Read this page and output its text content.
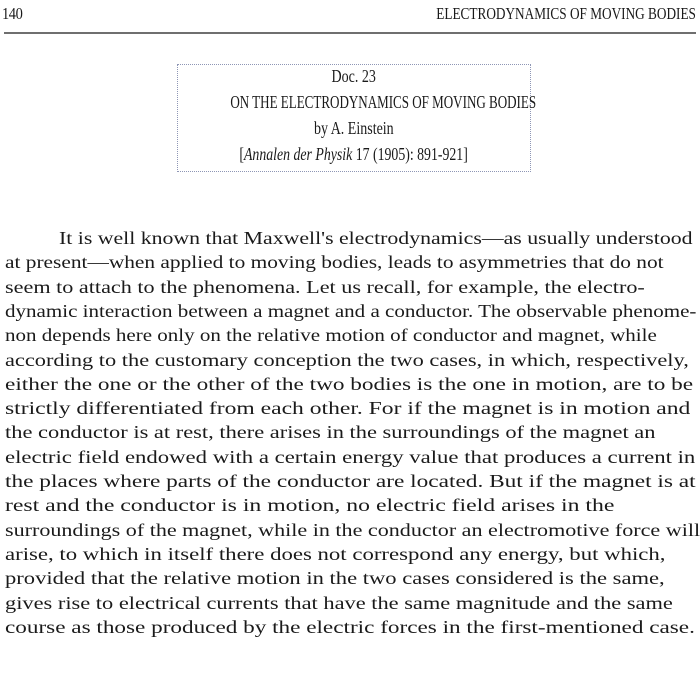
140	ELECTRODYNAMICS OF MOVING BODIES
Doc. 23
ON THE ELECTRODYNAMICS OF MOVING BODIES
by A. Einstein
[Annalen der Physik 17 (1905): 891-921]
It is well known that Maxwell's electrodynamics—as usually understood
at present—when applied to moving bodies, leads to asymmetries that do not
seem to attach to the phenomena. Let us recall, for example, the electro-
dynamic interaction between a magnet and a conductor. The observable phenome-
non depends here only on the relative motion of conductor and magnet, while
according to the customary conception the two cases, in which, respectively,
either the one or the other of the two bodies is the one in motion, are to be
strictly differentiated from each other. For if the magnet is in motion and
the conductor is at rest, there arises in the surroundings of the magnet an
electric field endowed with a certain energy value that produces a current in
the places where parts of the conductor are located. But if the magnet is at
rest and the conductor is in motion, no electric field arises in the
surroundings of the magnet, while in the conductor an electromotive force will
arise, to which in itself there does not correspond any energy, but which,
provided that the relative motion in the two cases considered is the same,
gives rise to electrical currents that have the same magnitude and the same
course as those produced by the electric forces in the first-mentioned case.
